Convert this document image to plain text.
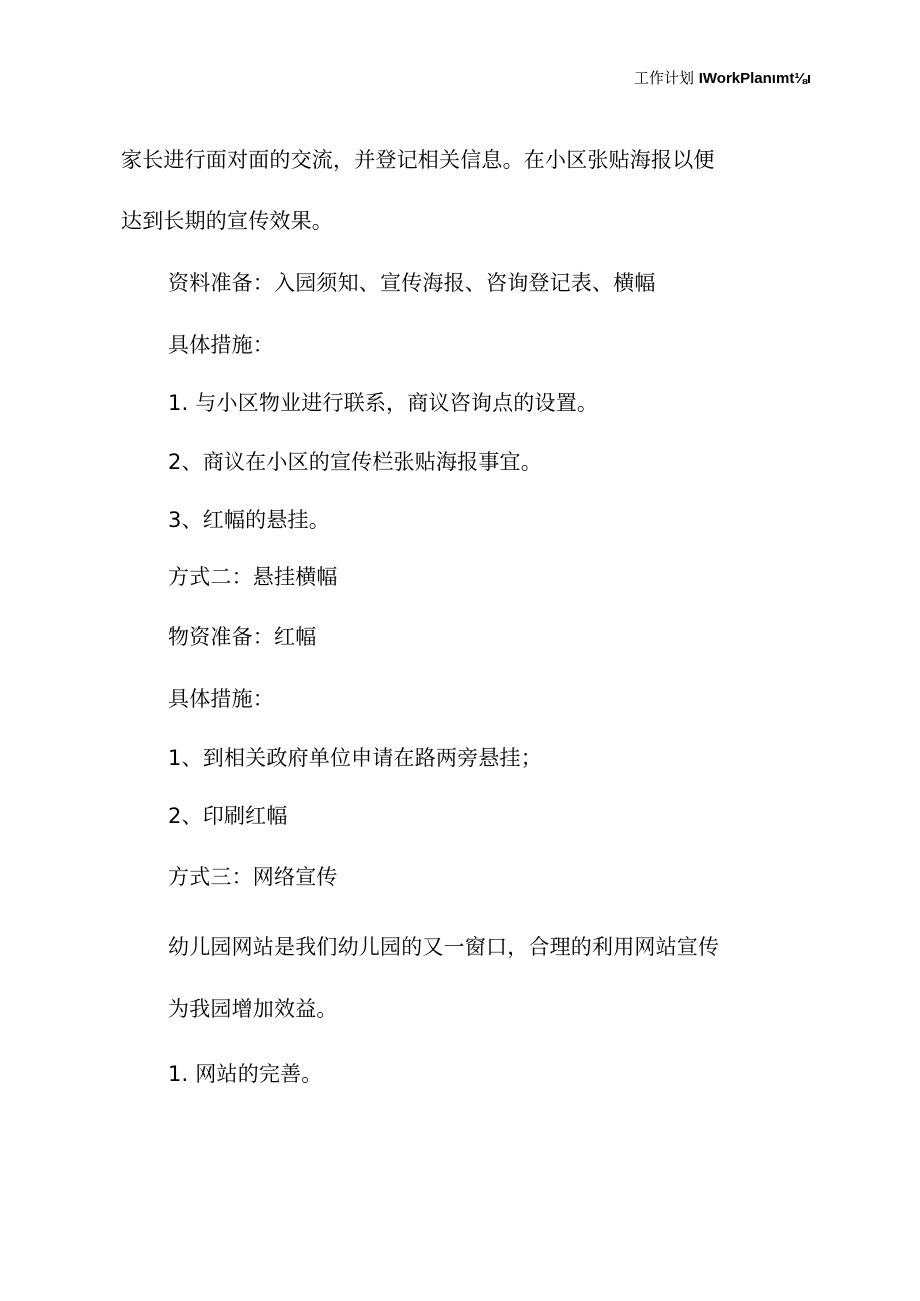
工作计划 IWorkPlanımt⅛ı
家长进行面对面的交流，并登记相关信息。在小区张贴海报以便
达到长期的宣传效果。
资料准备：入园须知、宣传海报、咨询登记表、横幅
具体措施：
1. 与小区物业进行联系，商议咨询点的设置。
2、商议在小区的宣传栏张贴海报事宜。
3、红幅的悬挂。
方式二：悬挂横幅
物资准备：红幅
具体措施：
1、到相关政府单位申请在路两旁悬挂；
2、印刷红幅
方式三：网络宣传
幼儿园网站是我们幼儿园的又一窗口，合理的利用网站宣传
为我园增加效益。
1. 网站的完善。
